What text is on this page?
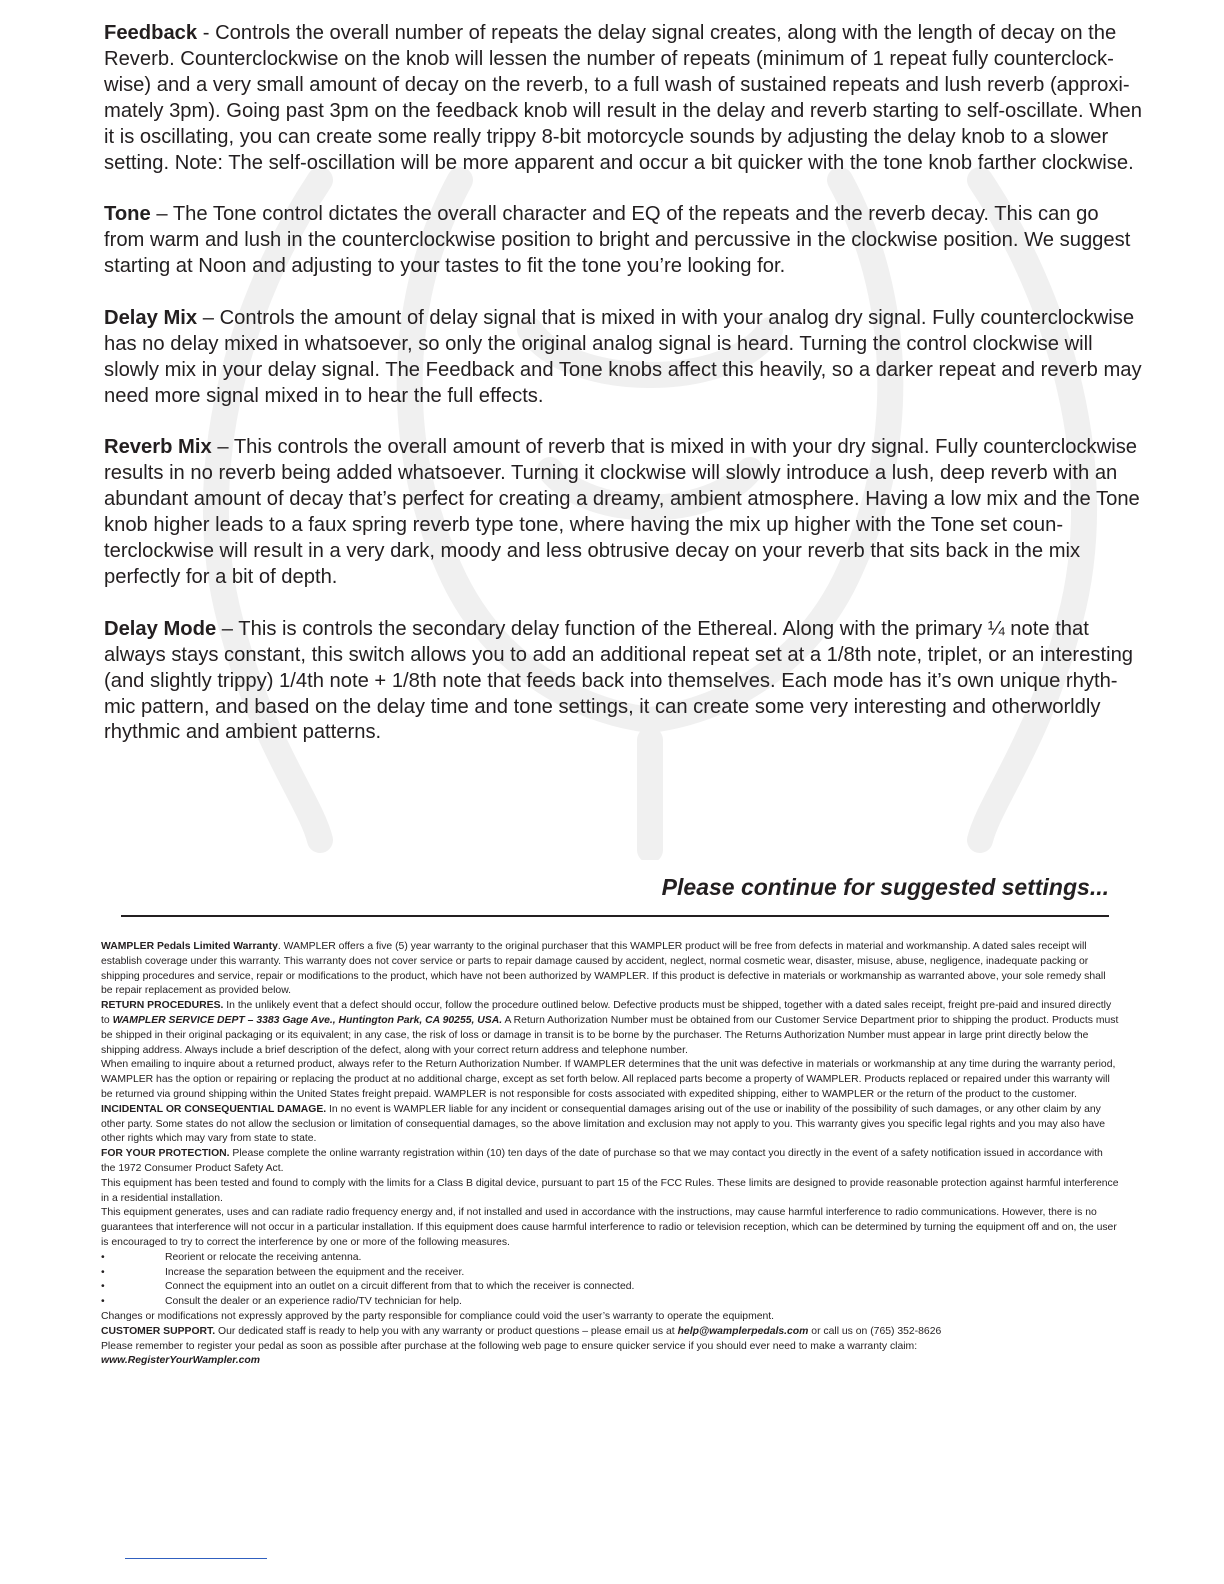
Feedback - Controls the overall number of repeats the delay signal creates, along with the length of decay on the Reverb. Counterclockwise on the knob will lessen the number of repeats (minimum of 1 repeat fully counterclock- wise) and a very small amount of decay on the reverb, to a full wash of sustained repeats and lush reverb (approxi- mately 3pm). Going past 3pm on the feedback knob will result in the delay and reverb starting to self-oscillate. When it is oscillating, you can create some really trippy 8-bit motorcycle sounds by adjusting the delay knob to a slower setting. Note: The self-oscillation will be more apparent and occur a bit quicker with the tone knob farther clockwise.

Tone – The Tone control dictates the overall character and EQ of the repeats and the reverb decay. This can go from warm and lush in the counterclockwise position to bright and percussive in the clockwise position. We suggest starting at Noon and adjusting to your tastes to fit the tone you’re looking for.

Delay Mix – Controls the amount of delay signal that is mixed in with your analog dry signal. Fully counterclockwise has no delay mixed in whatsoever, so only the original analog signal is heard. Turning the control clockwise will slowly mix in your delay signal. The Feedback and Tone knobs affect this heavily, so a darker repeat and reverb may need more signal mixed in to hear the full effects.

Reverb Mix – This controls the overall amount of reverb that is mixed in with your dry signal. Fully counterclockwise results in no reverb being added whatsoever. Turning it clockwise will slowly introduce a lush, deep reverb with an abundant amount of decay that’s perfect for creating a dreamy, ambient atmosphere. Having a low mix and the Tone knob higher leads to a faux spring reverb type tone, where having the mix up higher with the Tone set coun- terclockwise will result in a very dark, moody and less obtrusive decay on your reverb that sits back in the mix perfectly for a bit of depth.

Delay Mode – This is controls the secondary delay function of the Ethereal. Along with the primary ¼ note that always stays constant, this switch allows you to add an additional repeat set at a 1/8th note, triplet, or an interesting (and slightly trippy) 1/4th note + 1/8th note that feeds back into themselves. Each mode has it’s own unique rhyth- mic pattern, and based on the delay time and tone settings, it can create some very interesting and otherworldly rhythmic and ambient patterns.

Please continue for suggested settings...

WAMPLER Pedals Limited Warranty. WAMPLER offers a five (5) year warranty to the original purchaser that this WAMPLER product will be free from defects in material and workmanship. A dated sales receipt will establish coverage under this warranty. This warranty does not cover service or parts to repair damage caused by accident, neglect, normal cosmetic wear, disaster, misuse, abuse, negligence, inadequate packing or shipping procedures and service, repair or modifications to the product, which have not been authorized by WAMPLER. If this product is defective in materials or workmanship as warranted above, your sole remedy shall be repair replacement as provided below.

RETURN PROCEDURES. In the unlikely event that a defect should occur, follow the procedure outlined below. Defective products must be shipped, together with a dated sales receipt, freight pre-paid and insured directly to WAMPLER SERVICE DEPT – 3383 Gage Ave., Huntington Park, CA 90255, USA. A Return Authorization Number must be obtained from our Customer Service Department prior to shipping the product. Products must be shipped in their original packaging or its equivalent; in any case, the risk of loss or damage in transit is to be borne by the purchaser. The Returns Authorization Number must appear in large print directly below the shipping address. Always include a brief description of the defect, along with your correct return address and telephone number.

When emailing to inquire about a returned product, always refer to the Return Authorization Number. If WAMPLER determines that the unit was defective in materials or workmanship at any time during the warranty period, WAMPLER has the option or repairing or replacing the product at no additional charge, except as set forth below. All replaced parts become a property of WAMPLER. Products replaced or repaired under this warranty will be returned via ground shipping within the United States freight prepaid. WAMPLER is not responsible for costs associated with expedited shipping, either to WAMPLER or the return of the product to the customer.

INCIDENTAL OR CONSEQUENTIAL DAMAGE. In no event is WAMPLER liable for any incident or consequential damages arising out of the use or inability of the possibility of such damages, or any other claim by any other party. Some states do not allow the seclusion or limitation of consequential damages, so the above limitation and exclusion may not apply to you. This warranty gives you specific legal rights and you may also have other rights which may vary from state to state.

FOR YOUR PROTECTION. Please complete the online warranty registration within (10) ten days of the date of purchase so that we may contact you directly in the event of a safety notification issued in accordance with the 1972 Consumer Product Safety Act.

This equipment has been tested and found to comply with the limits for a Class B digital device, pursuant to part 15 of the FCC Rules. These limits are designed to provide reasonable protection against harmful interference in a residential installation.

This equipment generates, uses and can radiate radio frequency energy and, if not installed and used in accordance with the instructions, may cause harmful interference to radio communications. However, there is no guarantees that interference will not occur in a particular installation. If this equipment does cause harmful interference to radio or television reception, which can be determined by turning the equipment off and on, the user is encouraged to try to correct the interference by one or more of the following measures.

•	Reorient or relocate the receiving antenna.

•	Increase the separation between the equipment and the receiver.

•	Connect the equipment into an outlet on a circuit different from that to which the receiver is connected.

•	Consult the dealer or an experience radio/TV technician for help.

Changes or modifications not expressly approved by the party responsible for compliance could void the user’s warranty to operate the equipment.

CUSTOMER SUPPORT. Our dedicated staff is ready to help you with any warranty or product questions – please email us at help@wamplerpedals.com or call us on (765) 352-8626

Please remember to register your pedal as soon as possible after purchase at the following web page to ensure quicker service if you should ever need to make a warranty claim:

www.RegisterYourWampler.com
